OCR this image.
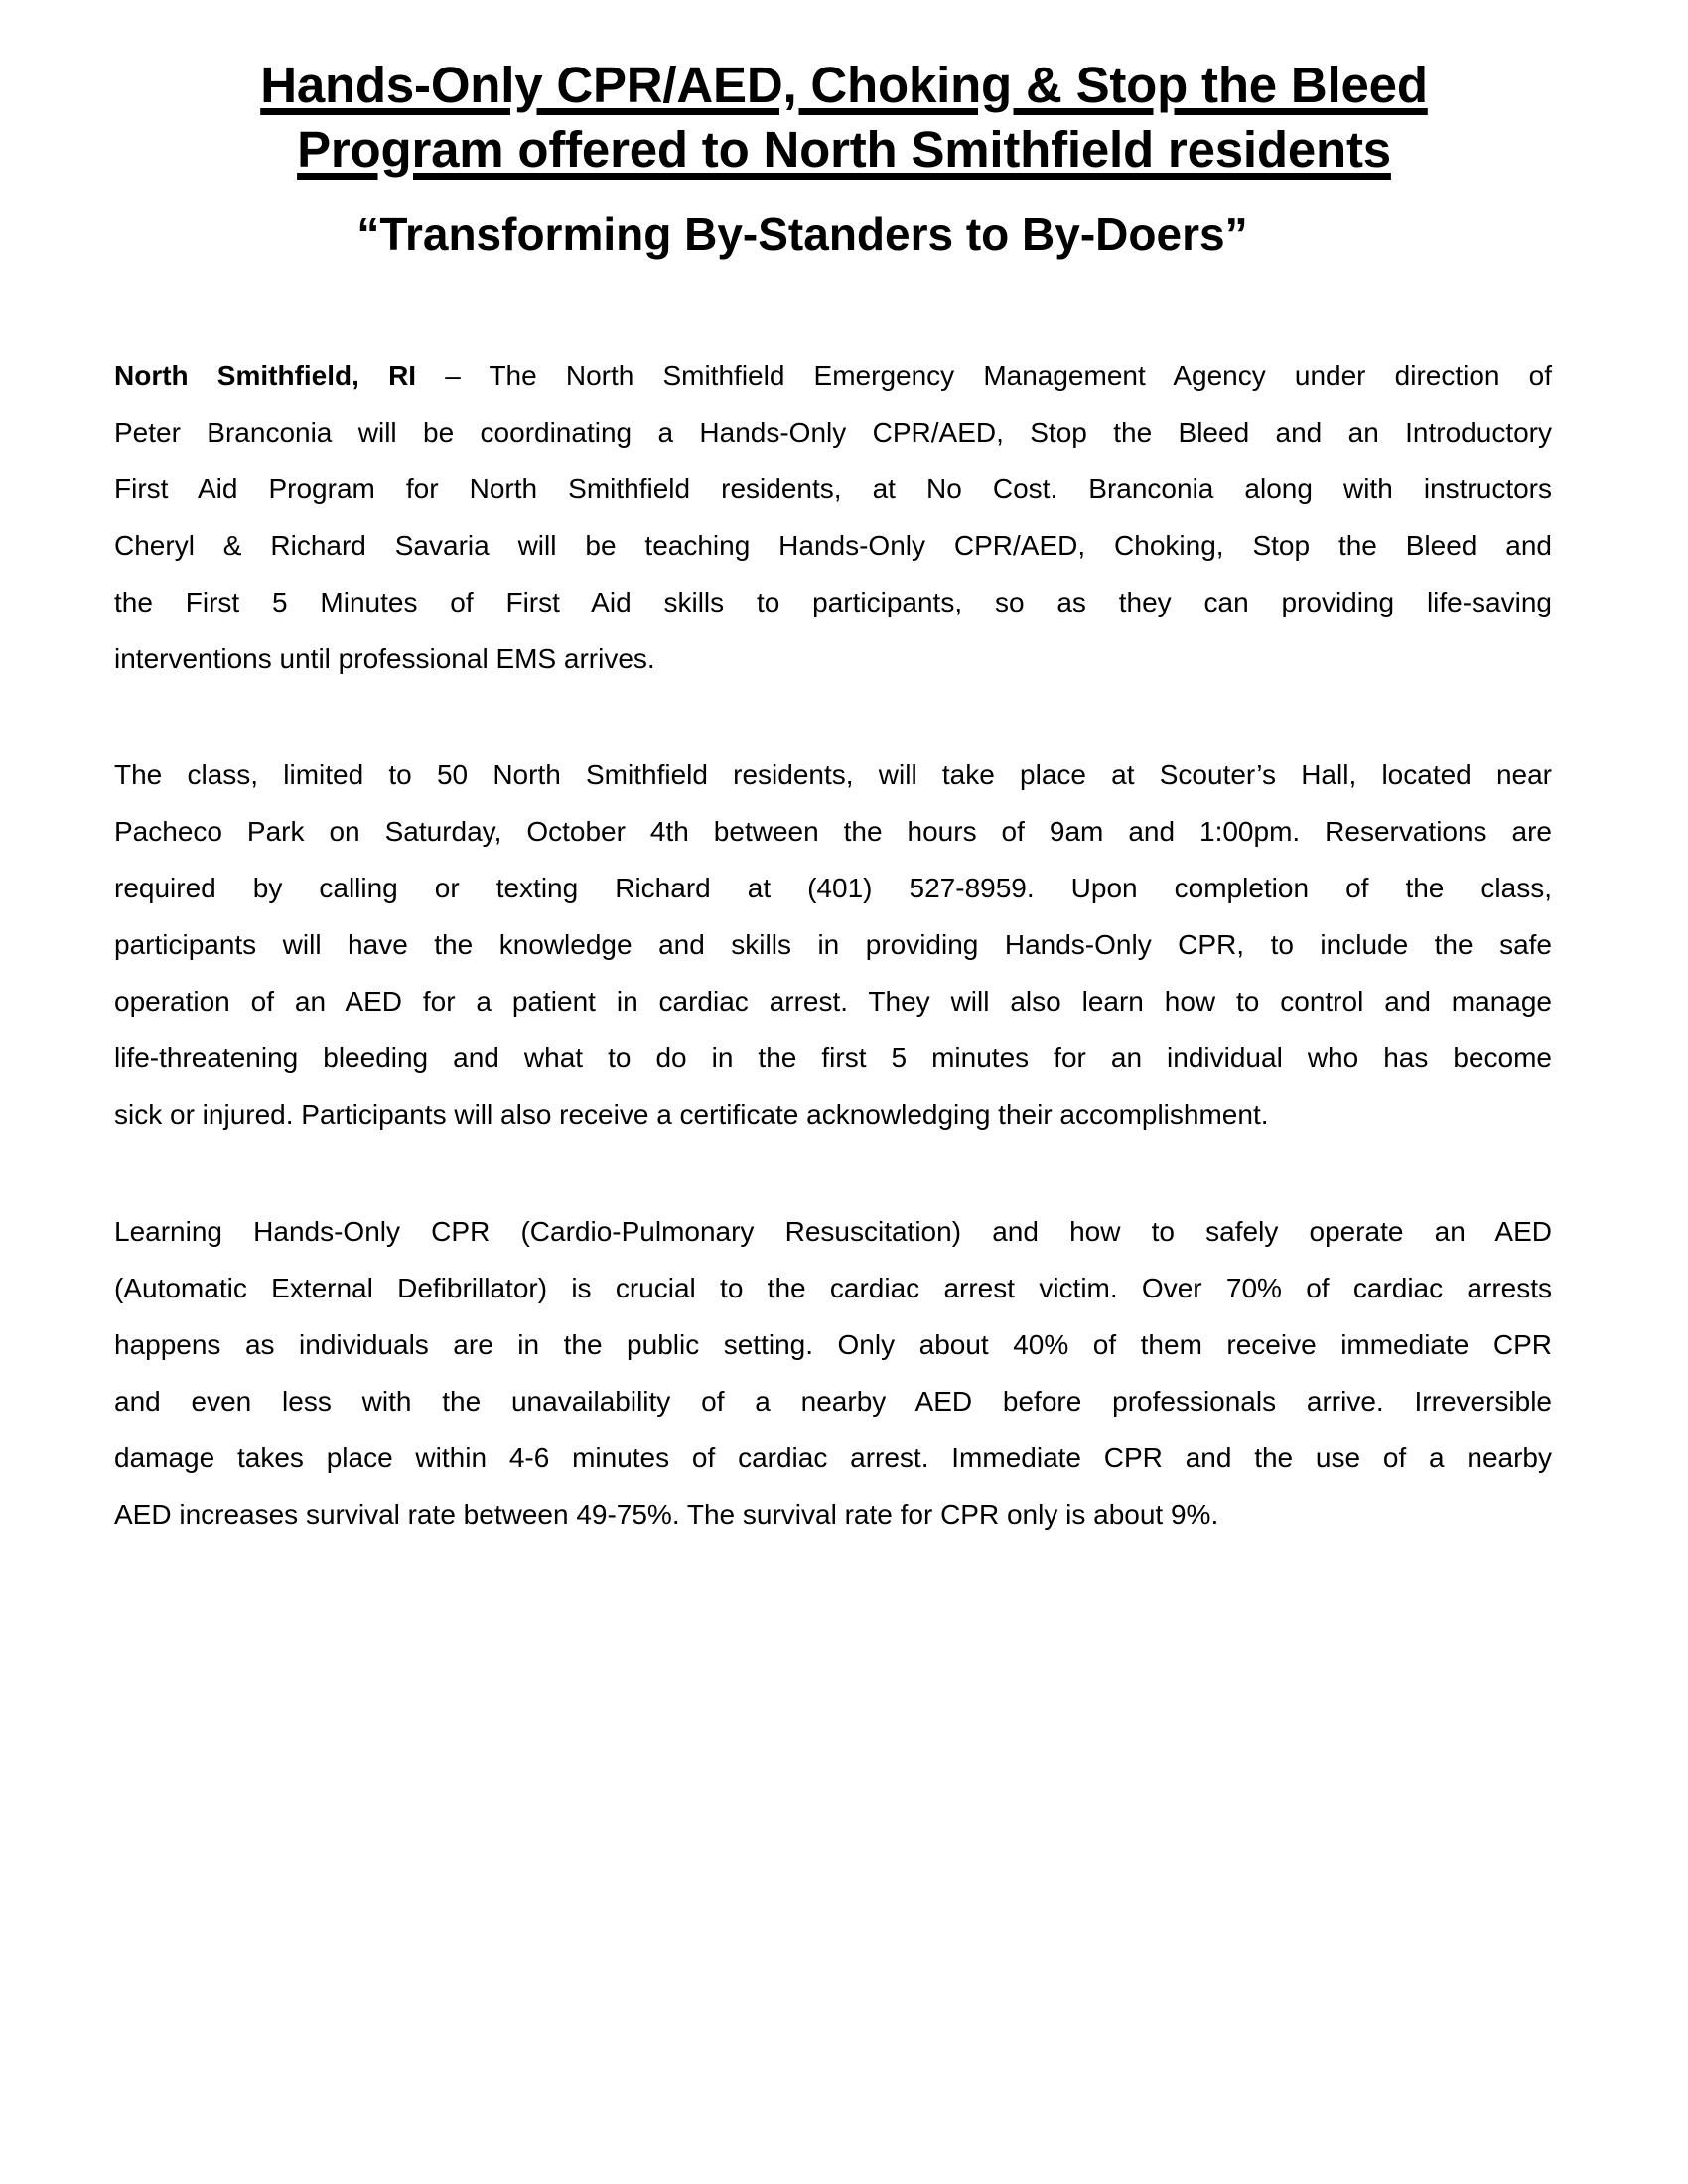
Hands-Only CPR/AED, Choking & Stop the Bleed
Program offered to North Smithfield residents
“Transforming By-Standers to By-Doers”
North Smithfield, RI – The North Smithfield Emergency Management Agency under direction of
Peter Branconia will be coordinating a Hands-Only CPR/AED, Stop the Bleed and an Introductory
First Aid Program for North Smithfield residents, at No Cost. Branconia along with instructors
Cheryl & Richard Savaria will be teaching Hands-Only CPR/AED, Choking, Stop the Bleed and
the First 5 Minutes of First Aid skills to participants, so as they can providing life-saving
interventions until professional EMS arrives.
The class, limited to 50 North Smithfield residents, will take place at Scouter’s Hall, located near
Pacheco Park on Saturday, October 4th between the hours of 9am and 1:00pm. Reservations are
required by calling or texting Richard at (401) 527-8959. Upon completion of the class,
participants will have the knowledge and skills in providing Hands-Only CPR, to include the safe
operation of an AED for a patient in cardiac arrest. They will also learn how to control and manage
life-threatening bleeding and what to do in the first 5 minutes for an individual who has become
sick or injured. Participants will also receive a certificate acknowledging their accomplishment.
Learning Hands-Only CPR (Cardio-Pulmonary Resuscitation) and how to safely operate an AED
(Automatic External Defibrillator) is crucial to the cardiac arrest victim. Over 70% of cardiac arrests
happens as individuals are in the public setting. Only about 40% of them receive immediate CPR
and even less with the unavailability of a nearby AED before professionals arrive. Irreversible
damage takes place within 4-6 minutes of cardiac arrest. Immediate CPR and the use of a nearby
AED increases survival rate between 49-75%. The survival rate for CPR only is about 9%.
